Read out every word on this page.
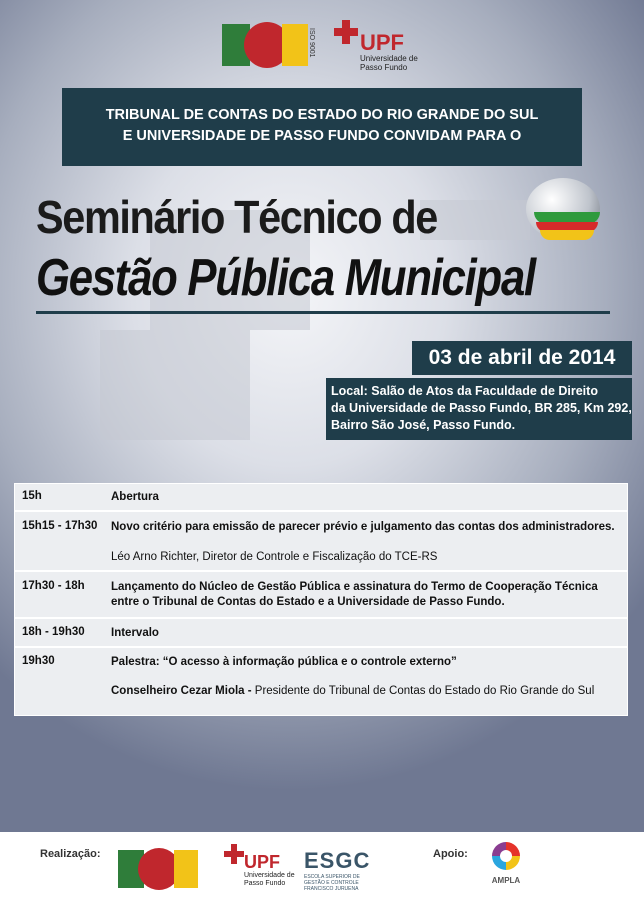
ISO 9001 UPF
Universidade de Passo Fundo
TRIBUNAL DE CONTAS DO ESTADO DO RIO GRANDE DO SUL
E UNIVERSIDADE DE PASSO FUNDO CONVIDAM PARA O
Seminário Técnico de
Gestão Pública Municipal
03 de abril de 2014
Local: Salão de Atos da Faculdade de Direito
da Universidade de Passo Fundo, BR 285, Km 292,
Bairro São José, Passo Fundo.
15h	Abertura
15h15 - 17h30 Novo critério para emissão de parecer prévio e julgamento das contas dos administradores.
Léo Arno Richter, Diretor de Controle e Fiscalização do TCE-RS
17h30 - 18h Lançamento do Núcleo de Gestão Pública e assinatura do Termo de Cooperação Técnica
entre o Tribunal de Contas do Estado e a Universidade de Passo Fundo.
18h - 19h30 Intervalo
19h30	Palestra: “O acesso à informação pública e o controle externo”
Conselheiro Cezar Miola - Presidente do Tribunal de Contas do Estado do Rio Grande do Sul
Realização:	UPF
Universidade de Passo Fundo
ESGC
ESCOLA SUPERIOR DE GESTÃO E CONTROLE FRANCISCO JURUENA
Apoio:
AMPLA
